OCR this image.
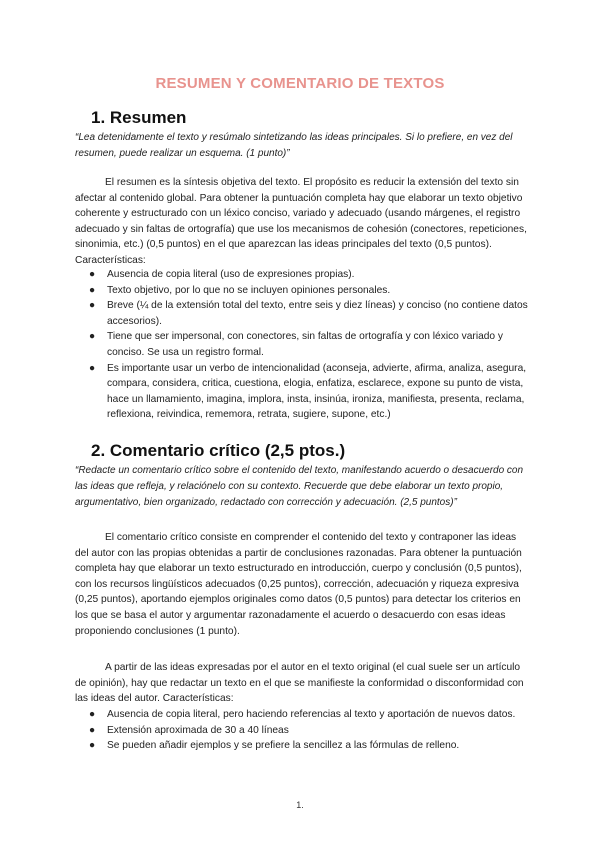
RESUMEN Y COMENTARIO DE TEXTOS
1. Resumen

“Lea detenidamente el texto y resúmalo sintetizando las ideas principales. Si lo prefiere, en vez del resumen, puede realizar un esquema. (1 punto)”

El resumen es la síntesis objetiva del texto. El propósito es reducir la extensión del texto sin afectar al contenido global. Para obtener la puntuación completa hay que elaborar un texto objetivo coherente y estructurado con un léxico conciso, variado y adecuado (usando márgenes, el registro adecuado y sin faltas de ortografía) que use los mecanismos de cohesión (conectores, repeticiones, sinonimia, etc.) (0,5 puntos) en el que aparezcan las ideas principales del texto (0,5 puntos). Características:

● Ausencia de copia literal (uso de expresiones propias).
● Texto objetivo, por lo que no se incluyen opiniones personales.
● Breve (¼ de la extensión total del texto, entre seis y diez líneas) y conciso (no contiene datos accesorios).
● Tiene que ser impersonal, con conectores, sin faltas de ortografía y con léxico variado y conciso. Se usa un registro formal.
● Es importante usar un verbo de intencionalidad (aconseja, advierte, afirma, analiza, asegura, compara, considera, critica, cuestiona, elogia, enfatiza, esclarece, expone su punto de vista, hace un llamamiento, imagina, implora, insta, insinúa, ironiza, manifiesta, presenta, reclama, reflexiona, reivindica, rememora, retrata, sugiere, supone, etc.)
2. Comentario crítico (2,5 ptos.)

“Redacte un comentario crítico sobre el contenido del texto, manifestando acuerdo o desacuerdo con las ideas que refleja, y relaciónelo con su contexto. Recuerde que debe elaborar un texto propio, argumentativo, bien organizado, redactado con corrección y adecuación. (2,5 puntos)”

El comentario crítico consiste en comprender el contenido del texto y contraponer las ideas del autor con las propias obtenidas a partir de conclusiones razonadas. Para obtener la puntuación completa hay que elaborar un texto estructurado en introducción, cuerpo y conclusión (0,5 puntos), con los recursos lingüísticos adecuados (0,25 puntos), corrección, adecuación y riqueza expresiva (0,25 puntos), aportando ejemplos originales como datos (0,5 puntos) para detectar los criterios en los que se basa el autor y argumentar razonadamente el acuerdo o desacuerdo con esas ideas proponiendo conclusiones (1 punto).

A partir de las ideas expresadas por el autor en el texto original (el cual suele ser un artículo de opinión), hay que redactar un texto en el que se manifieste la conformidad o disconformidad con las ideas del autor. Características:

● Ausencia de copia literal, pero haciendo referencias al texto y aportación de nuevos datos.
● Extensión aproximada de 30 a 40 líneas
● Se pueden añadir ejemplos y se prefiere la sencillez a las fórmulas de relleno.
1.
